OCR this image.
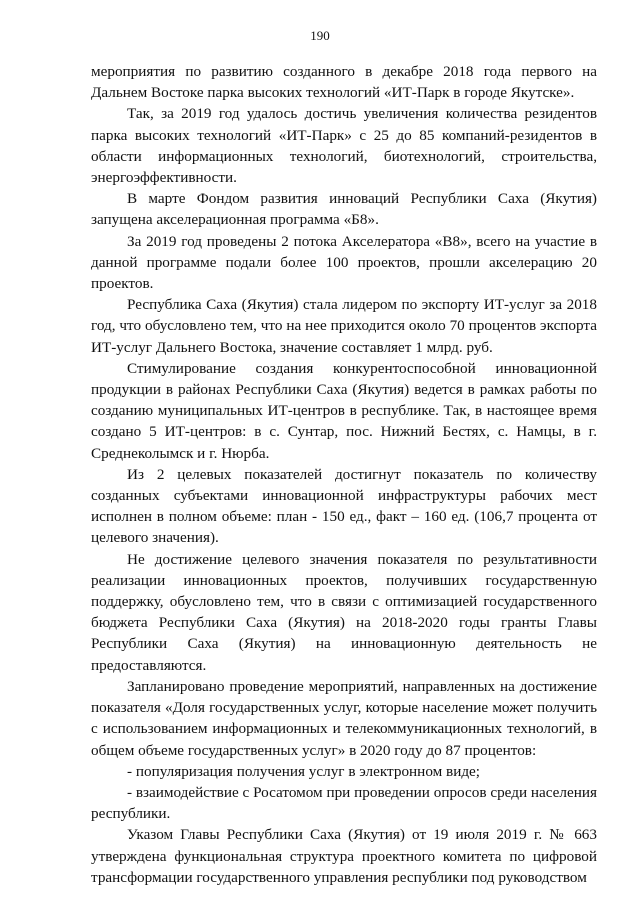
190

мероприятия по развитию созданного в декабре 2018 года первого на Дальнем Востоке парка высоких технологий «ИТ-Парк в городе Якутске».

Так, за 2019 год удалось достичь увеличения количества резидентов парка высоких технологий «ИТ-Парк» с 25 до 85 компаний-резидентов в области информационных технологий, биотехнологий, строительства, энергоэффективности.

В марте Фондом развития инноваций Республики Саха (Якутия) запущена акселерационная программа «Б8».

За 2019 год проведены 2 потока Акселератора «В8», всего на участие в данной программе подали более 100 проектов, прошли акселерацию 20 проектов.

Республика Саха (Якутия) стала лидером по экспорту ИТ-услуг за 2018 год, что обусловлено тем, что на нее приходится около 70 процентов экспорта ИТ-услуг Дальнего Востока, значение составляет 1 млрд. руб.

Стимулирование создания конкурентоспособной инновационной продукции в районах Республики Саха (Якутия) ведется в рамках работы по созданию муниципальных ИТ-центров в республике. Так, в настоящее время создано 5 ИТ-центров: в с. Сунтар, пос. Нижний Бестях, с. Намцы, в г. Среднеколымск и г. Нюрба.

Из 2 целевых показателей достигнут показатель по количеству созданных субъектами инновационной инфраструктуры рабочих мест исполнен в полном объеме: план - 150 ед., факт – 160 ед. (106,7 процента от целевого значения).

Не достижение целевого значения показателя по результативности реализации инновационных проектов, получивших государственную поддержку, обусловлено тем, что в связи с оптимизацией государственного бюджета Республики Саха (Якутия) на 2018-2020 годы гранты Главы Республики Саха (Якутия) на инновационную деятельность не предоставляются.

Запланировано проведение мероприятий, направленных на достижение показателя «Доля государственных услуг, которые население может получить с использованием информационных и телекоммуникационных технологий, в общем объеме государственных услуг» в 2020 году до 87 процентов:

- популяризация получения услуг в электронном виде;

- взаимодействие с Росатомом при проведении опросов среди населения республики.

Указом Главы Республики Саха (Якутия) от 19 июля 2019 г. № 663 утверждена функциональная структура проектного комитета по цифровой трансформации государственного управления республики под руководством
